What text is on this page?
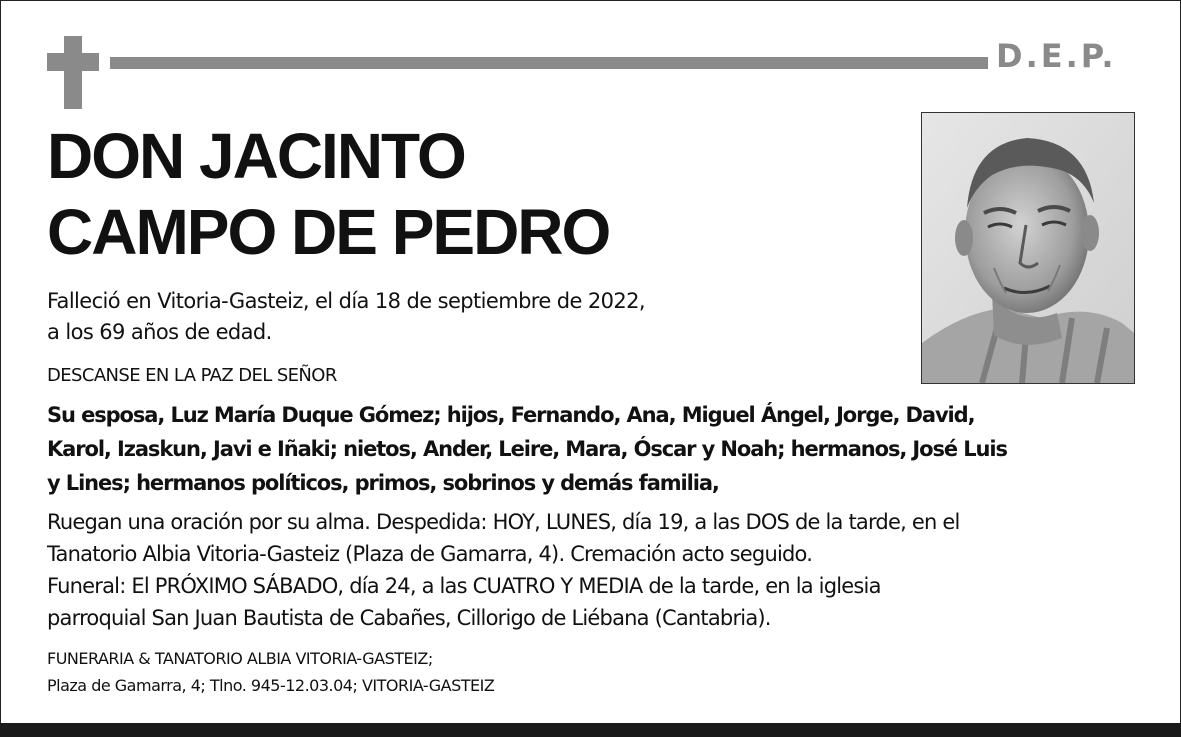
D.E.P.
DON JACINTO
CAMPO DE PEDRO
Falleció en Vitoria-Gasteiz, el día 18 de septiembre de 2022,
a los 69 años de edad.
DESCANSE EN LA PAZ DEL SEÑOR
Su esposa, Luz María Duque Gómez; hijos, Fernando, Ana, Miguel Ángel, Jorge, David,
Karol, Izaskun, Javi e Iñaki; nietos, Ander, Leire, Mara, Óscar y Noah; hermanos, José Luis
y Lines; hermanos políticos, primos, sobrinos y demás familia,
Ruegan una oración por su alma. Despedida: HOY, LUNES, día 19, a las DOS de la tarde, en el
Tanatorio Albia Vitoria-Gasteiz (Plaza de Gamarra, 4). Cremación acto seguido.
Funeral: El PRÓXIMO SÁBADO, día 24, a las CUATRO Y MEDIA de la tarde, en la iglesia
parroquial San Juan Bautista de Cabañes, Cillorigo de Liébana (Cantabria).
FUNERARIA & TANATORIO ALBIA VITORIA-GASTEIZ;
Plaza de Gamarra, 4; Tlno. 945-12.03.04; VITORIA-GASTEIZ
